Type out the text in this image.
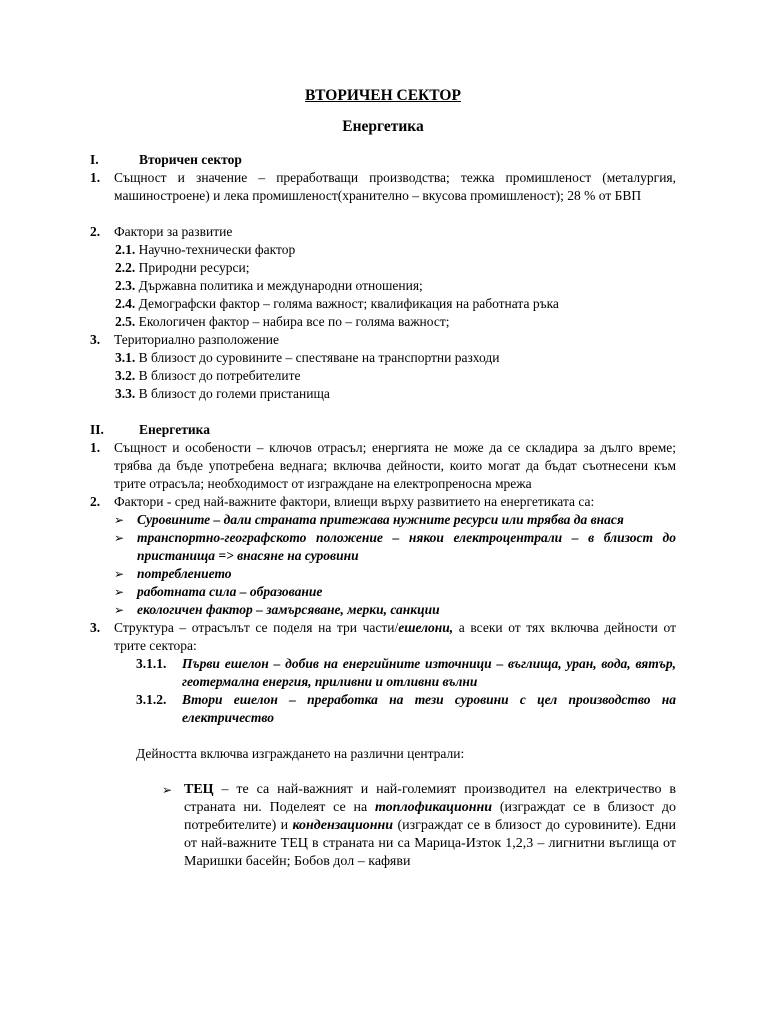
ВТОРИЧЕН СЕКТОР
Енергетика
I.	Вторичен сектор
1. Същност и значение – преработващи производства; тежка промишленост (металургия, машиностроене) и лека промишленост(хранително – вкусова промишленост); 28 % от БВП
2. Фактори за развитие
2.1. Научно-технически фактор
2.2. Природни ресурси;
2.3. Държавна политика и международни отношения;
2.4. Демографски фактор – голяма важност; квалификация на работната ръка
2.5. Екологичен фактор – набира все по – голяма важност;
3. Териториално разположение
3.1. В близост до суровините – спестяване на транспортни разходи
3.2. В близост до потребителите
3.3. В близост до големи пристанища
II.	Енергетика
1. Същност и особености – ключов отрасъл; енергията не може да се складира за дълго време; трябва да бъде употребена веднага; включва дейности, които могат да бъдат съотнесени към трите отрасъла; необходимост от изграждане на електропреносна мрежа
2. Фактори - сред най-важните фактори, влиещи върху развитието на енергетиката са:
➢ Суровините – дали страната притежава нужните ресурси или трябва да внася
➢ транспортно-географското положение – някои електроцентрали – в близост до пристанища => внасяне на суровини
➢ потреблението
➢ работната сила – образование
➢ екологичен фактор – замърсяване, мерки, санкции
3. Структура – отрасълът се поделя на три части/ешелони, а всеки от тях включва дейности от трите сектора:
3.1.1. Първи ешелон – добив на енергийните източници – въглища, уран, вода, вятър, геотермална енергия, приливни и отливни вълни
3.1.2. Втори ешелон – преработка на тези суровини с цел производство на електричество
Дейността включва изграждането на различни централи:
➢ ТЕЦ – те са най-важният и най-големият производител на електричество в страната ни. Поделеят се на топлофикационни (изграждат се в близост до потребителите) и кондензационни (изграждат се в близост до суровините). Едни от най-важните ТЕЦ в страната ни са Марица-Изток 1,2,3 – лигнитни въглища от Маришки басейн; Бобов дол – кафяви
